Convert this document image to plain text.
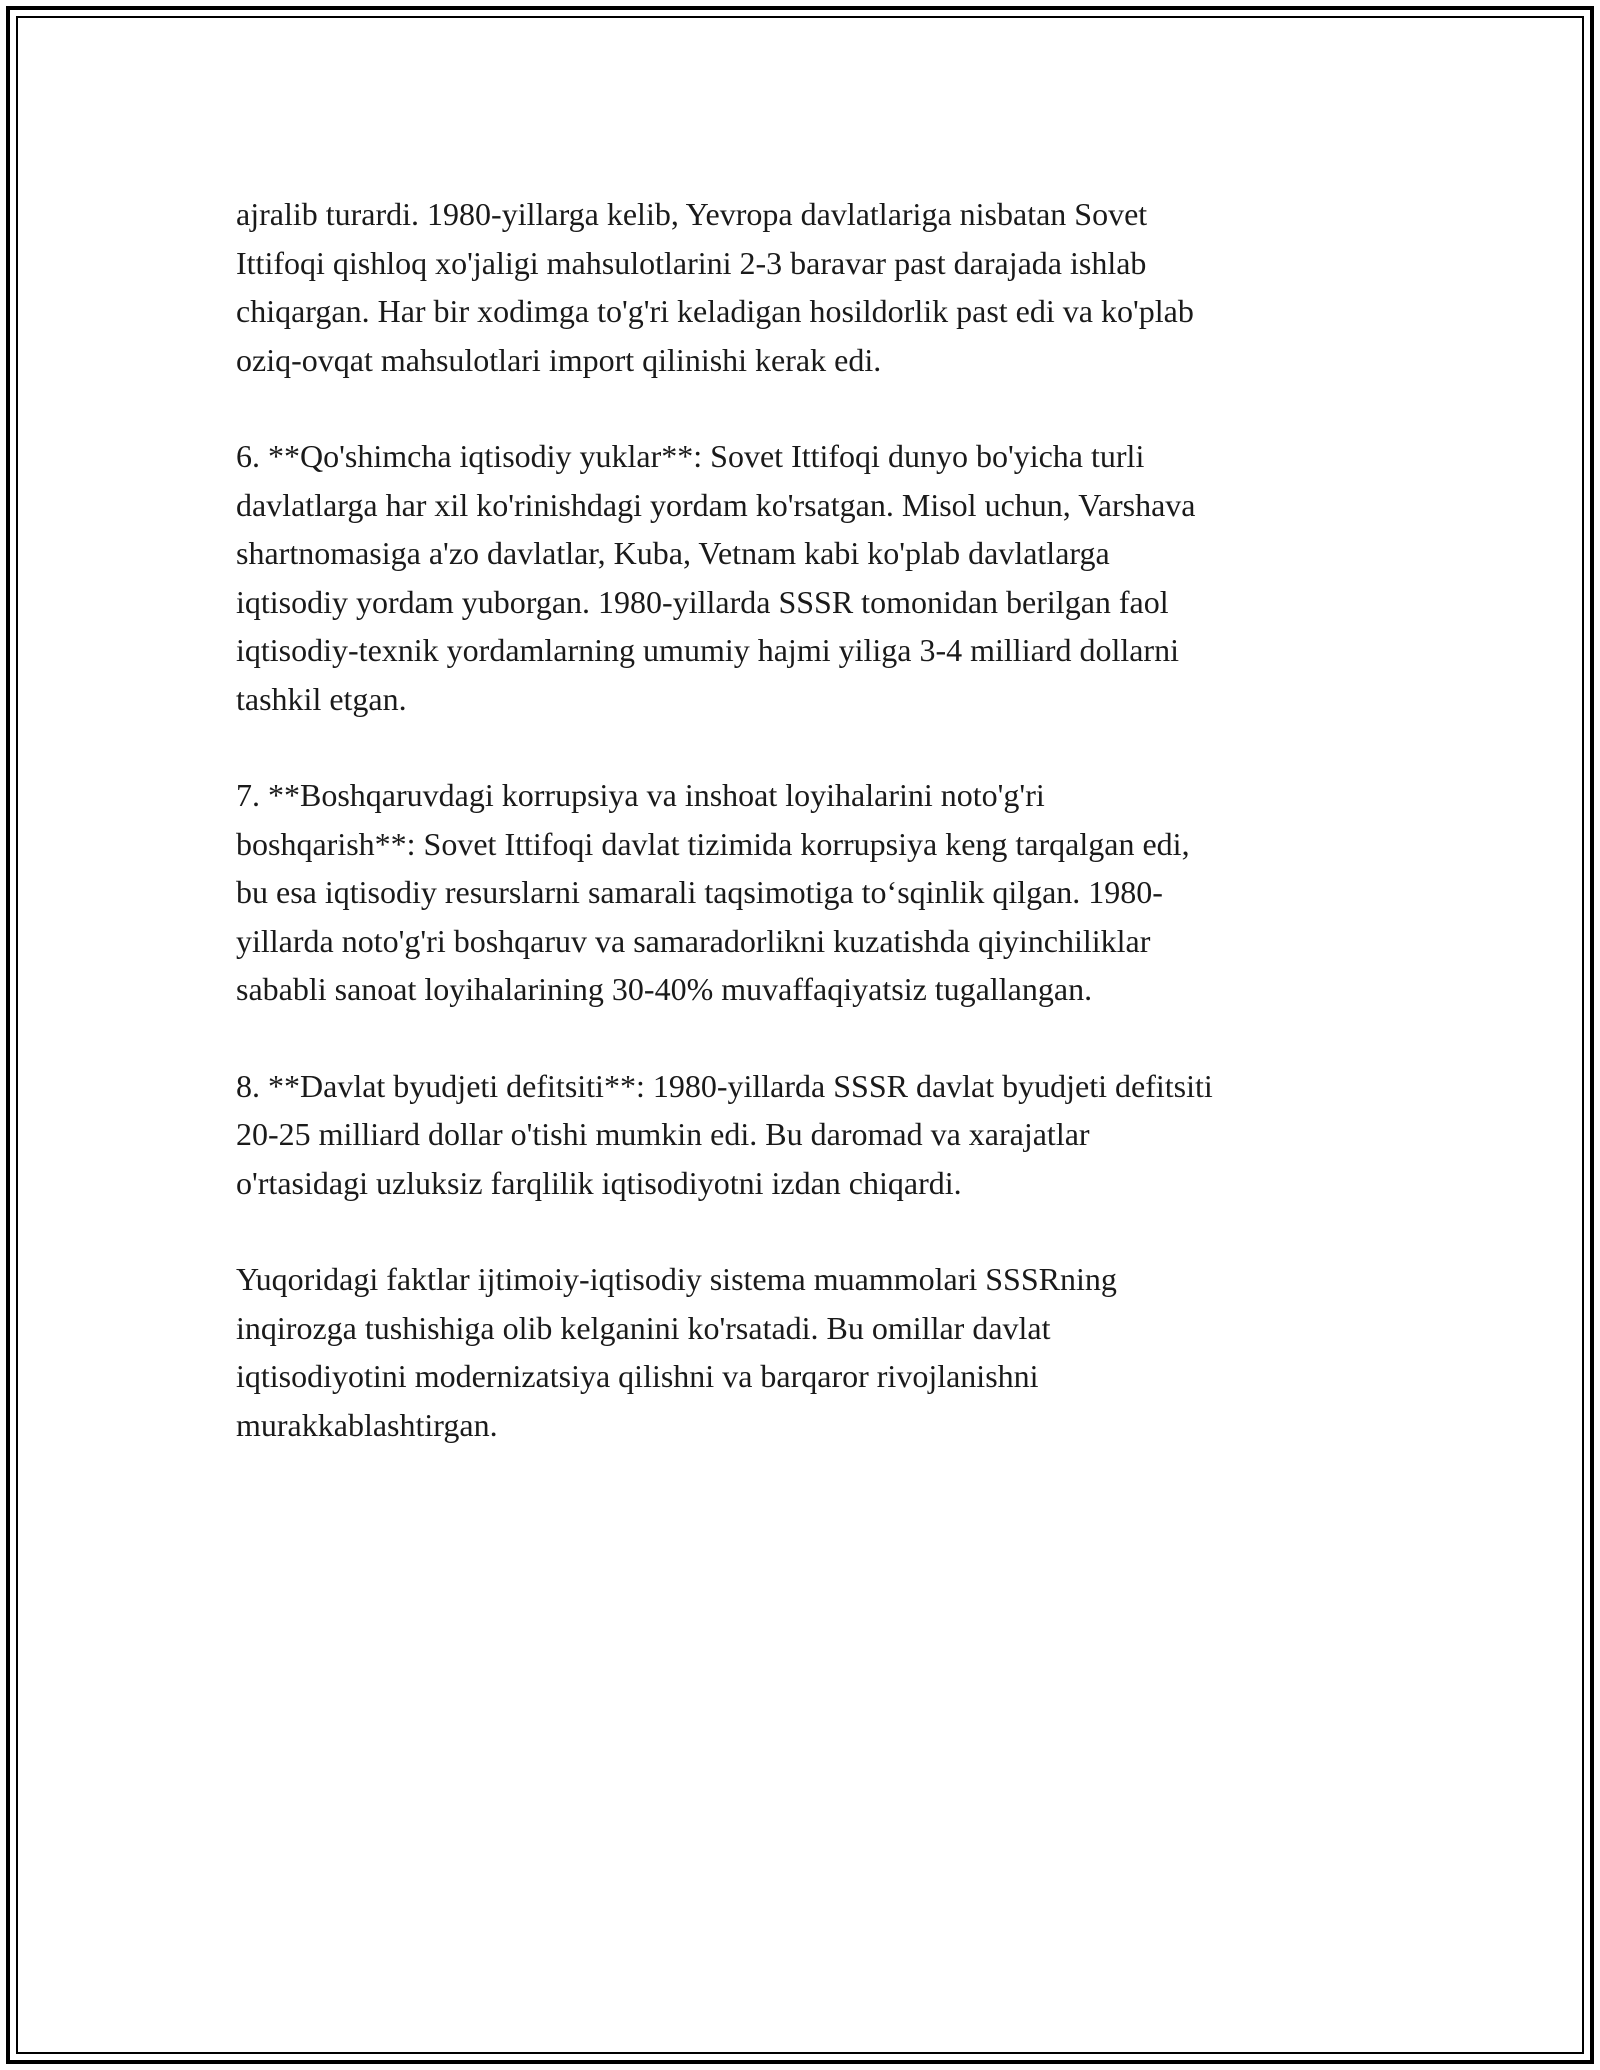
ajralib turardi. 1980-yillarga kelib, Yevropa davlatlariga nisbatan Sovet
Ittifoqi qishloq xo'jaligi mahsulotlarini 2-3 baravar past darajada ishlab
chiqargan. Har bir xodimga to'g'ri keladigan hosildorlik past edi va ko'plab
oziq-ovqat mahsulotlari import qilinishi kerak edi.

6. **Qo'shimcha iqtisodiy yuklar**: Sovet Ittifoqi dunyo bo'yicha turli
davlatlarga har xil ko'rinishdagi yordam ko'rsatgan. Misol uchun, Varshava
shartnomasiga a'zo davlatlar, Kuba, Vetnam kabi ko'plab davlatlarga
iqtisodiy yordam yuborgan. 1980-yillarda SSSR tomonidan berilgan faol
iqtisodiy-texnik yordamlarning umumiy hajmi yiliga 3-4 milliard dollarni
tashkil etgan.

7. **Boshqaruvdagi korrupsiya va inshoat loyihalarini noto'g'ri
boshqarish**: Sovet Ittifoqi davlat tizimida korrupsiya keng tarqalgan edi,
bu esa iqtisodiy resurslarni samarali taqsimotiga to‘sqinlik qilgan. 1980-
yillarda noto'g'ri boshqaruv va samaradorlikni kuzatishda qiyinchiliklar
sababli sanoat loyihalarining 30-40% muvaffaqiyatsiz tugallangan.

8. **Davlat byudjeti defitsiti**: 1980-yillarda SSSR davlat byudjeti defitsiti
20-25 milliard dollar o'tishi mumkin edi. Bu daromad va xarajatlar
o'rtasidagi uzluksiz farqlilik iqtisodiyotni izdan chiqardi.

Yuqoridagi faktlar ijtimoiy-iqtisodiy sistema muammolari SSSRning
inqirozga tushishiga olib kelganini ko'rsatadi. Bu omillar davlat
iqtisodiyotini modernizatsiya qilishni va barqaror rivojlanishni
murakkablashtirgan.
